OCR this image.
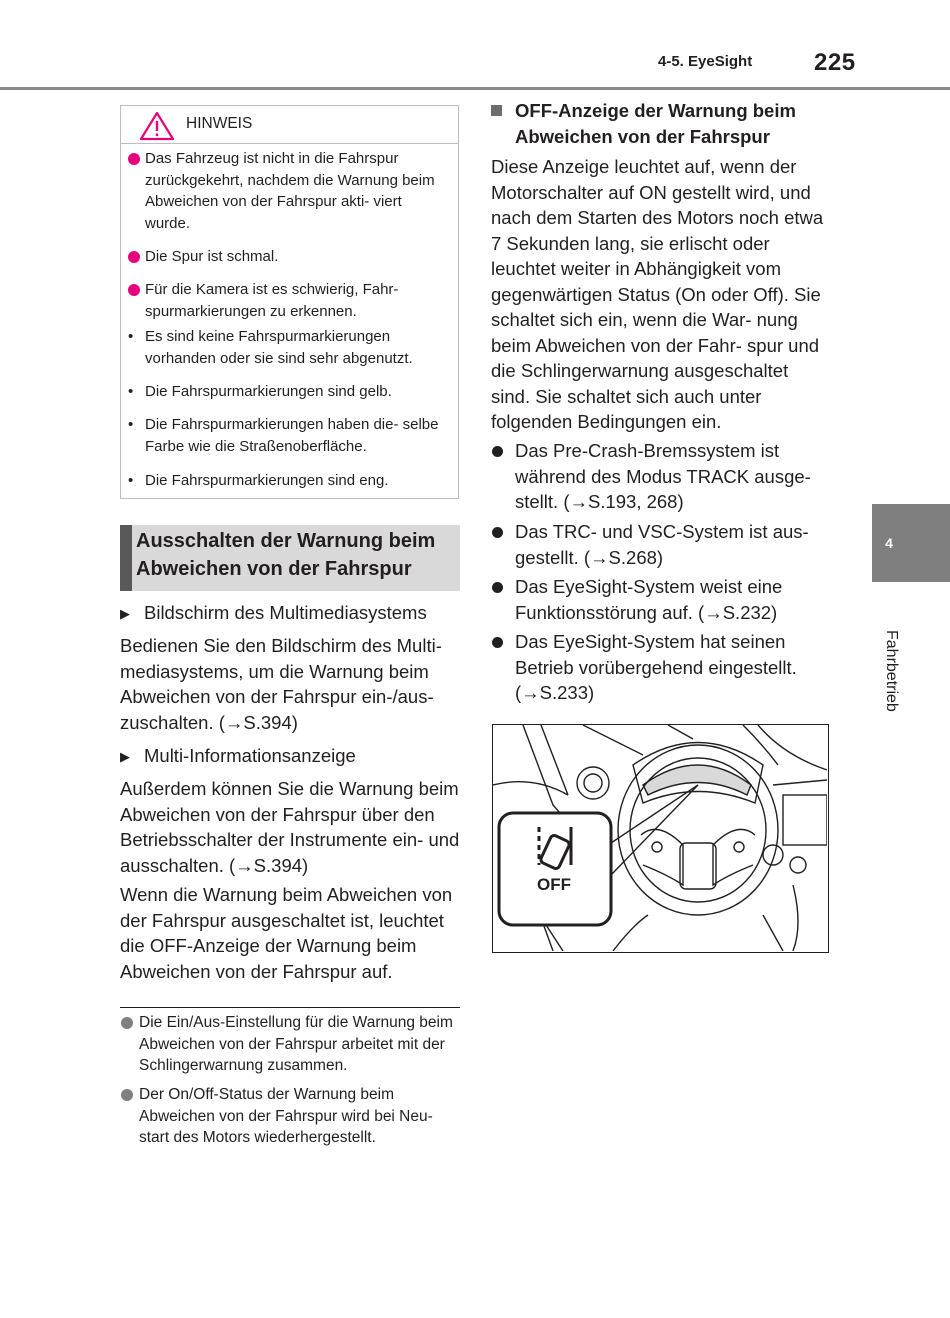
4-5. EyeSight	225
4
Fahrbetrieb
HINWEIS
Das Fahrzeug ist nicht in die Fahrspur zurückgekehrt, nachdem die Warnung beim Abweichen von der Fahrspur akti- viert wurde.
Die Spur ist schmal.
Für die Kamera ist es schwierig, Fahr- spurmarkierungen zu erkennen.
• Es sind keine Fahrspurmarkierungen vorhanden oder sie sind sehr abgenutzt.
• Die Fahrspurmarkierungen sind gelb.
• Die Fahrspurmarkierungen haben die- selbe Farbe wie die Straßenoberfläche.
• Die Fahrspurmarkierungen sind eng.
Ausschalten der Warnung beim Abweichen von der Fahrspur
▶ Bildschirm des Multimediasystems
Bedienen Sie den Bildschirm des Multi- mediasystems, um die Warnung beim Abweichen von der Fahrspur ein-/aus- zuschalten. (→S.394)
▶ Multi-Informationsanzeige
Außerdem können Sie die Warnung beim Abweichen von der Fahrspur über den Betriebsschalter der Instrumente ein- und ausschalten. (→S.394)
Wenn die Warnung beim Abweichen von der Fahrspur ausgeschaltet ist, leuchtet die OFF-Anzeige der Warnung beim Abweichen von der Fahrspur auf.
Die Ein/Aus-Einstellung für die Warnung beim Abweichen von der Fahrspur arbeitet mit der Schlingerwarnung zusammen.
Der On/Off-Status der Warnung beim Abweichen von der Fahrspur wird bei Neu- start des Motors wiederhergestellt.
OFF-Anzeige der Warnung beim Abweichen von der Fahrspur
Diese Anzeige leuchtet auf, wenn der Motorschalter auf ON gestellt wird, und nach dem Starten des Motors noch etwa 7 Sekunden lang, sie erlischt oder leuchtet weiter in Abhängigkeit vom gegenwärtigen Status (On oder Off). Sie schaltet sich ein, wenn die War- nung beim Abweichen von der Fahr- spur und die Schlingerwarnung ausgeschaltet sind. Sie schaltet sich auch unter folgenden Bedingungen ein.
Das Pre-Crash-Bremssystem ist während des Modus TRACK ausge- stellt. (→S.193, 268)
Das TRC- und VSC-System ist aus- gestellt. (→S.268)
Das EyeSight-System weist eine Funktionsstörung auf. (→S.232)
Das EyeSight-System hat seinen Betrieb vorübergehend eingestellt. (→S.233)
OFF
